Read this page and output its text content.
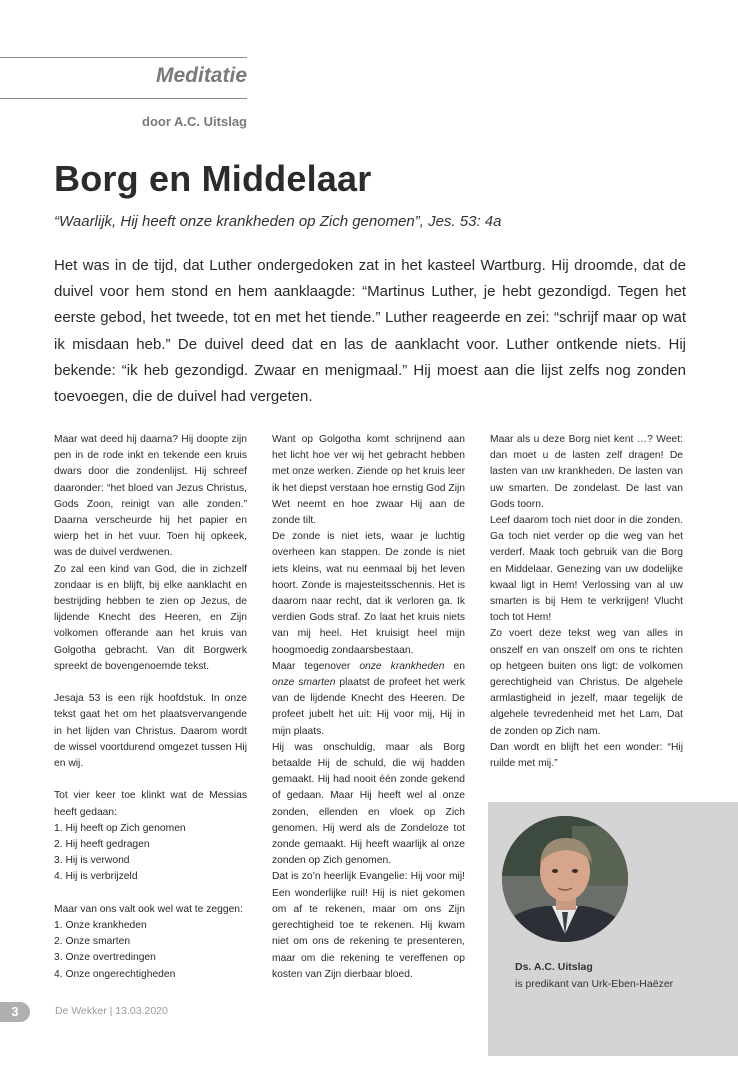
Meditatie
door A.C. Uitslag
Borg en Middelaar
“Waarlijk, Hij heeft onze krankheden op Zich genomen”, Jes. 53: 4a
Het was in de tijd, dat Luther ondergedoken zat in het kasteel Wartburg. Hij droomde, dat de duivel voor hem stond en hem aanklaagde: “Martinus Luther, je hebt gezondigd. Tegen het eerste gebod, het tweede, tot en met het tiende.” Luther reageerde en zei: “schrijf maar op wat ik misdaan heb.” De duivel deed dat en las de aanklacht voor. Luther ontkende niets. Hij bekende: “ik heb gezondigd. Zwaar en menigmaal.” Hij moest aan die lijst zelfs nog zonden toevoegen, die de duivel had vergeten.

Maar wat deed hij daarna? Hij doopte zijn pen in de rode inkt en tekende een kruis dwars door die zondenlijst. Hij schreef daaronder: “het bloed van Jezus Christus, Gods Zoon, reinigt van alle zonden.” Daarna verscheurde hij het papier en wierp het in het vuur. Toen hij opkeek, was de duivel verdwenen.

Zo zal een kind van God, die in zichzelf zondaar is en blijft, bij elke aanklacht en bestrijding hebben te zien op Jezus, de lijdende Knecht des Heeren, en Zijn volkomen offerande aan het kruis van Golgotha gebracht. Van dit Borgwerk spreekt de bovengenoemde tekst.

Jesaja 53 is een rijk hoofdstuk. In onze tekst gaat het om het plaatsvervangende in het lijden van Christus. Daarom wordt de wissel voortdurend omgezet tussen Hij en wij.

Tot vier keer toe klinkt wat de Messias heeft gedaan:

1. Hij heeft op Zich genomen

2. Hij heeft gedragen

3. Hij is verwond

4. Hij is verbrijzeld

Maar van ons valt ook wel wat te zeggen:

1. Onze krankheden

2. Onze smarten

3. Onze overtredingen

4. Onze ongerechtigheden

Want op Golgotha komt schrijnend aan het licht hoe ver wij het gebracht hebben met onze werken. Ziende op het kruis leer ik het diepst verstaan hoe ernstig God Zijn Wet neemt en hoe zwaar Hij aan de zonde tilt.

De zonde is niet iets, waar je luchtig overheen kan stappen. De zonde is niet iets kleins, wat nu eenmaal bij het leven hoort. Zonde is majesteitsschennis. Het is daarom naar recht, dat ik verloren ga. Ik verdien Gods straf. Zo laat het kruis niets van mij heel. Het kruisigt heel mijn hoogmoedig zondaarsbestaan.

Maar tegenover onze krankheden en onze smarten plaatst de profeet het werk van de lijdende Knecht des Heeren. De profeet jubelt het uit: Hij voor mij, Hij in mijn plaats.

Hij was onschuldig, maar als Borg betaalde Hij de schuld, die wij hadden gemaakt. Hij had nooit één zonde gekend of gedaan. Maar Hij heeft wel al onze zonden, ellenden en vloek op Zich genomen. Hij werd als de Zondeloze tot zonde gemaakt. Hij heeft waarlijk al onze zonden op Zich genomen.

Dat is zo’n heerlijk Evangelie: Hij voor mij! Een wonderlijke ruil! Hij is niet gekomen om af te rekenen, maar om ons Zijn gerechtigheid toe te rekenen. Hij kwam niet om ons de rekening te presenteren, maar om die rekening te vereffenen op kosten van Zijn dierbaar bloed.

Maar als u deze Borg niet kent …? Weet: dan moet u de lasten zelf dragen! De lasten van uw krankheden. De lasten van uw smarten. De zondelast. De last van Gods toorn.

Leef daarom toch niet door in die zonden. Ga toch niet verder op die weg van het verderf. Maak toch gebruik van die Borg en Middelaar. Genezing van uw dodelijke kwaal ligt in Hem! Verlossing van al uw smarten is bij Hem te verkrijgen! Vlucht toch tot Hem!

Zo voert deze tekst weg van alles in onszelf en van onszelf om ons te richten op hetgeen buiten ons ligt: de volkomen gerechtigheid van Christus. De algehele armlastigheid in jezelf, maar tegelijk de algehele tevredenheid met het Lam, Dat de zonden op Zich nam.

Dan wordt en blijft het een wonder: “Hij ruilde met mij.”

Ds. A.C. Uitslag
is predikant van Urk-Eben-Haëzer
3	De Wekker | 13.03.2020
